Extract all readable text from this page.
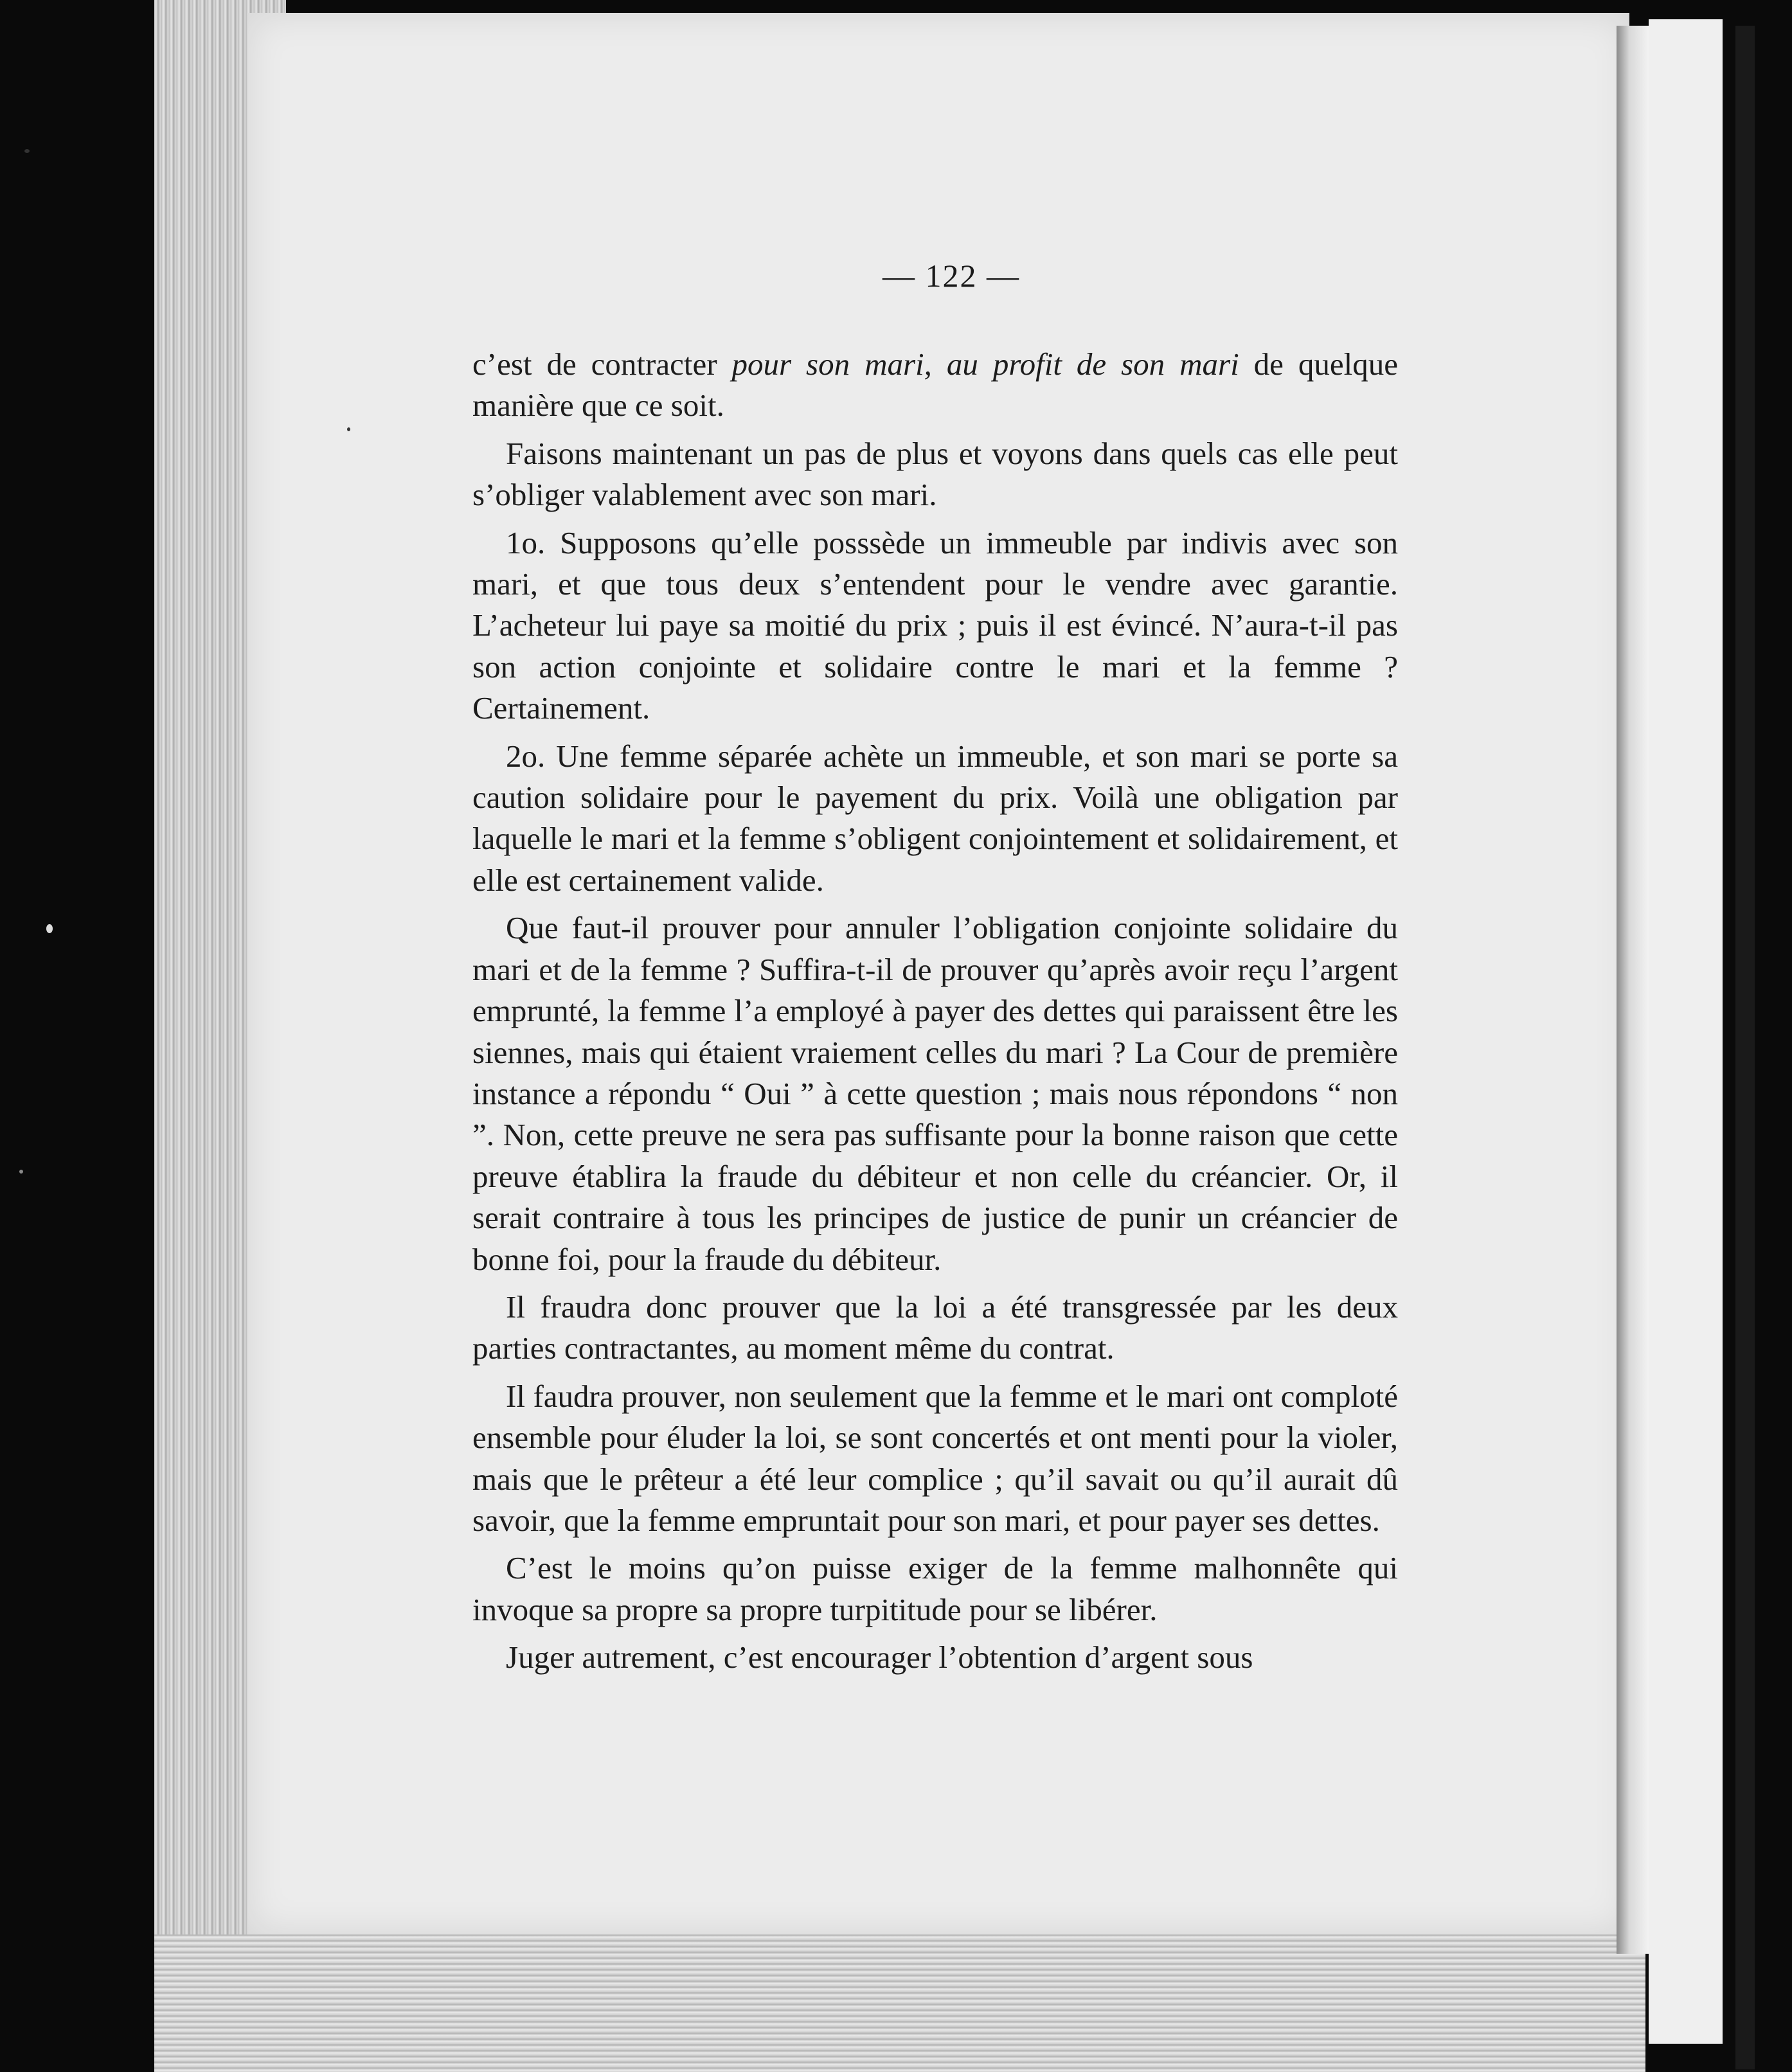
— 122 —

c’est de contracter pour son mari, au profit de son mari de quelque manière que ce soit.

Faisons maintenant un pas de plus et voyons dans quels cas elle peut s’obliger valablement avec son mari.

1o. Supposons qu’elle posssède un immeuble par indivis avec son mari, et que tous deux s’entendent pour le vendre avec garantie. L’acheteur lui paye sa moitié du prix ; puis il est évincé. N’aura-t-il pas son action conjointe et solidaire contre le mari et la femme ? Certainement.

2o. Une femme séparée achète un immeuble, et son mari se porte sa caution solidaire pour le payement du prix. Voilà une obligation par laquelle le mari et la femme s’obligent conjointement et solidairement, et elle est certainement valide.

Que faut-il prouver pour annuler l’obligation conjointe solidaire du mari et de la femme ? Suffira-t-il de prouver qu’après avoir reçu l’argent emprunté, la femme l’a employé à payer des dettes qui paraissent être les siennes, mais qui étaient vraiement celles du mari ? La Cour de première instance a répondu “ Oui ” à cette question ; mais nous répondons “ non ”. Non, cette preuve ne sera pas suffisante pour la bonne raison que cette preuve établira la fraude du débiteur et non celle du créancier. Or, il serait contraire à tous les principes de justice de punir un créancier de bonne foi, pour la fraude du débiteur.

Il fraudra donc prouver que la loi a été transgressée par les deux parties contractantes, au moment même du contrat.

Il faudra prouver, non seulement que la femme et le mari ont comploté ensemble pour éluder la loi, se sont concertés et ont menti pour la violer, mais que le prêteur a été leur complice ; qu’il savait ou qu’il aurait dû savoir, que la femme empruntait pour son mari, et pour payer ses dettes.

C’est le moins qu’on puisse exiger de la femme malhonnête qui invoque sa propre sa propre turpititude pour se libérer.

Juger autrement, c’est encourager l’obtention d’argent sous
